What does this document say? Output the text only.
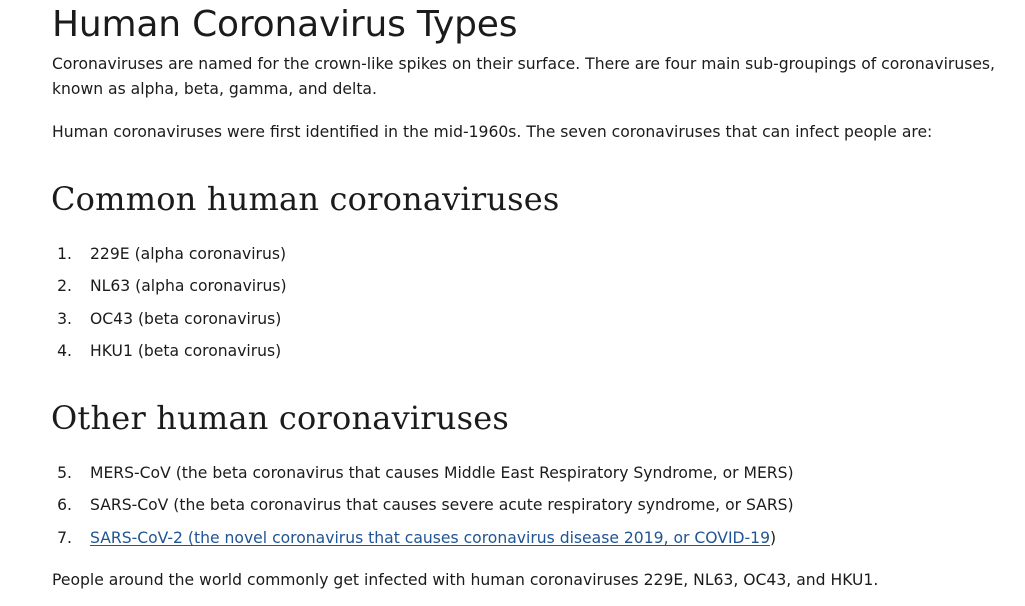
Human Coronavirus Types

Coronaviruses are named for the crown-like spikes on their surface. There are four main sub-groupings of coronaviruses,

known as alpha, beta, gamma, and delta.

Human coronaviruses were first identified in the mid-1960s. The seven coronaviruses that can infect people are:

Common human coronaviruses
1. 229E (alpha coronavirus)
2. NL63 (alpha coronavirus)
3. OC43 (beta coronavirus)
4. HKU1 (beta coronavirus)
Other human coronaviruses
5. MERS-CoV (the beta coronavirus that causes Middle East Respiratory Syndrome, or MERS)
6. SARS-CoV (the beta coronavirus that causes severe acute respiratory syndrome, or SARS)
7. SARS-CoV-2 (the novel coronavirus that causes coronavirus disease 2019, or COVID-19)

People around the world commonly get infected with human coronaviruses 229E, NL63, OC43, and HKU1.
